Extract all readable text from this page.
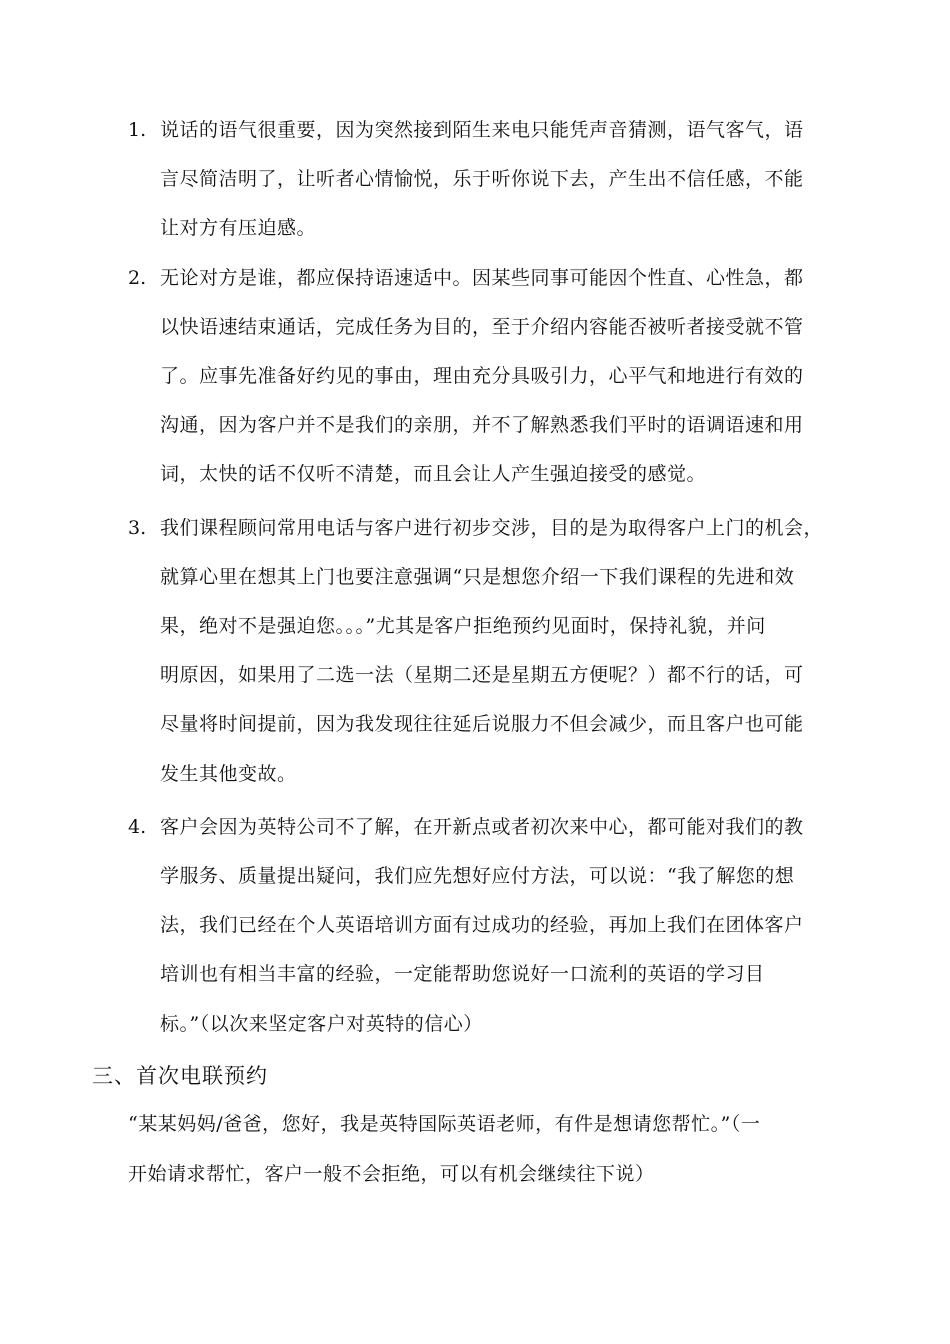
1. 说话的语气很重要，因为突然接到陌生来电只能凭声音猜测，语气客气，语
言尽简洁明了，让听者心情愉悦，乐于听你说下去，产生出不信任感，不能
让对方有压迫感。
2. 无论对方是谁，都应保持语速适中。因某些同事可能因个性直、心性急，都
以快语速结束通话，完成任务为目的，至于介绍内容能否被听者接受就不管
了。应事先准备好约见的事由，理由充分具吸引力，心平气和地进行有效的
沟通，因为客户并不是我们的亲朋，并不了解熟悉我们平时的语调语速和用
词，太快的话不仅听不清楚，而且会让人产生强迫接受的感觉。
3. 我们课程顾问常用电话与客户进行初步交涉，目的是为取得客户上门的机会，
就算心里在想其上门也要注意强调“只是想您介绍一下我们课程的先进和效
果，绝对不是强迫您。。。”尤其是客户拒绝预约见面时，保持礼貌，并问
明原因，如果用了二选一法（星期二还是星期五方便呢？）都不行的话，可
尽量将时间提前，因为我发现往往延后说服力不但会减少，而且客户也可能
发生其他变故。
4. 客户会因为英特公司不了解，在开新点或者初次来中心，都可能对我们的教
学服务、质量提出疑问，我们应先想好应付方法，可以说：“我了解您的想
法，我们已经在个人英语培训方面有过成功的经验，再加上我们在团体客户
培训也有相当丰富的经验，一定能帮助您说好一口流利的英语的学习目
标。”（以次来坚定客户对英特的信心）
三、首次电联预约
“某某妈妈/爸爸，您好，我是英特国际英语老师，有件是想请您帮忙。”（一
开始请求帮忙，客户一般不会拒绝，可以有机会继续往下说）
